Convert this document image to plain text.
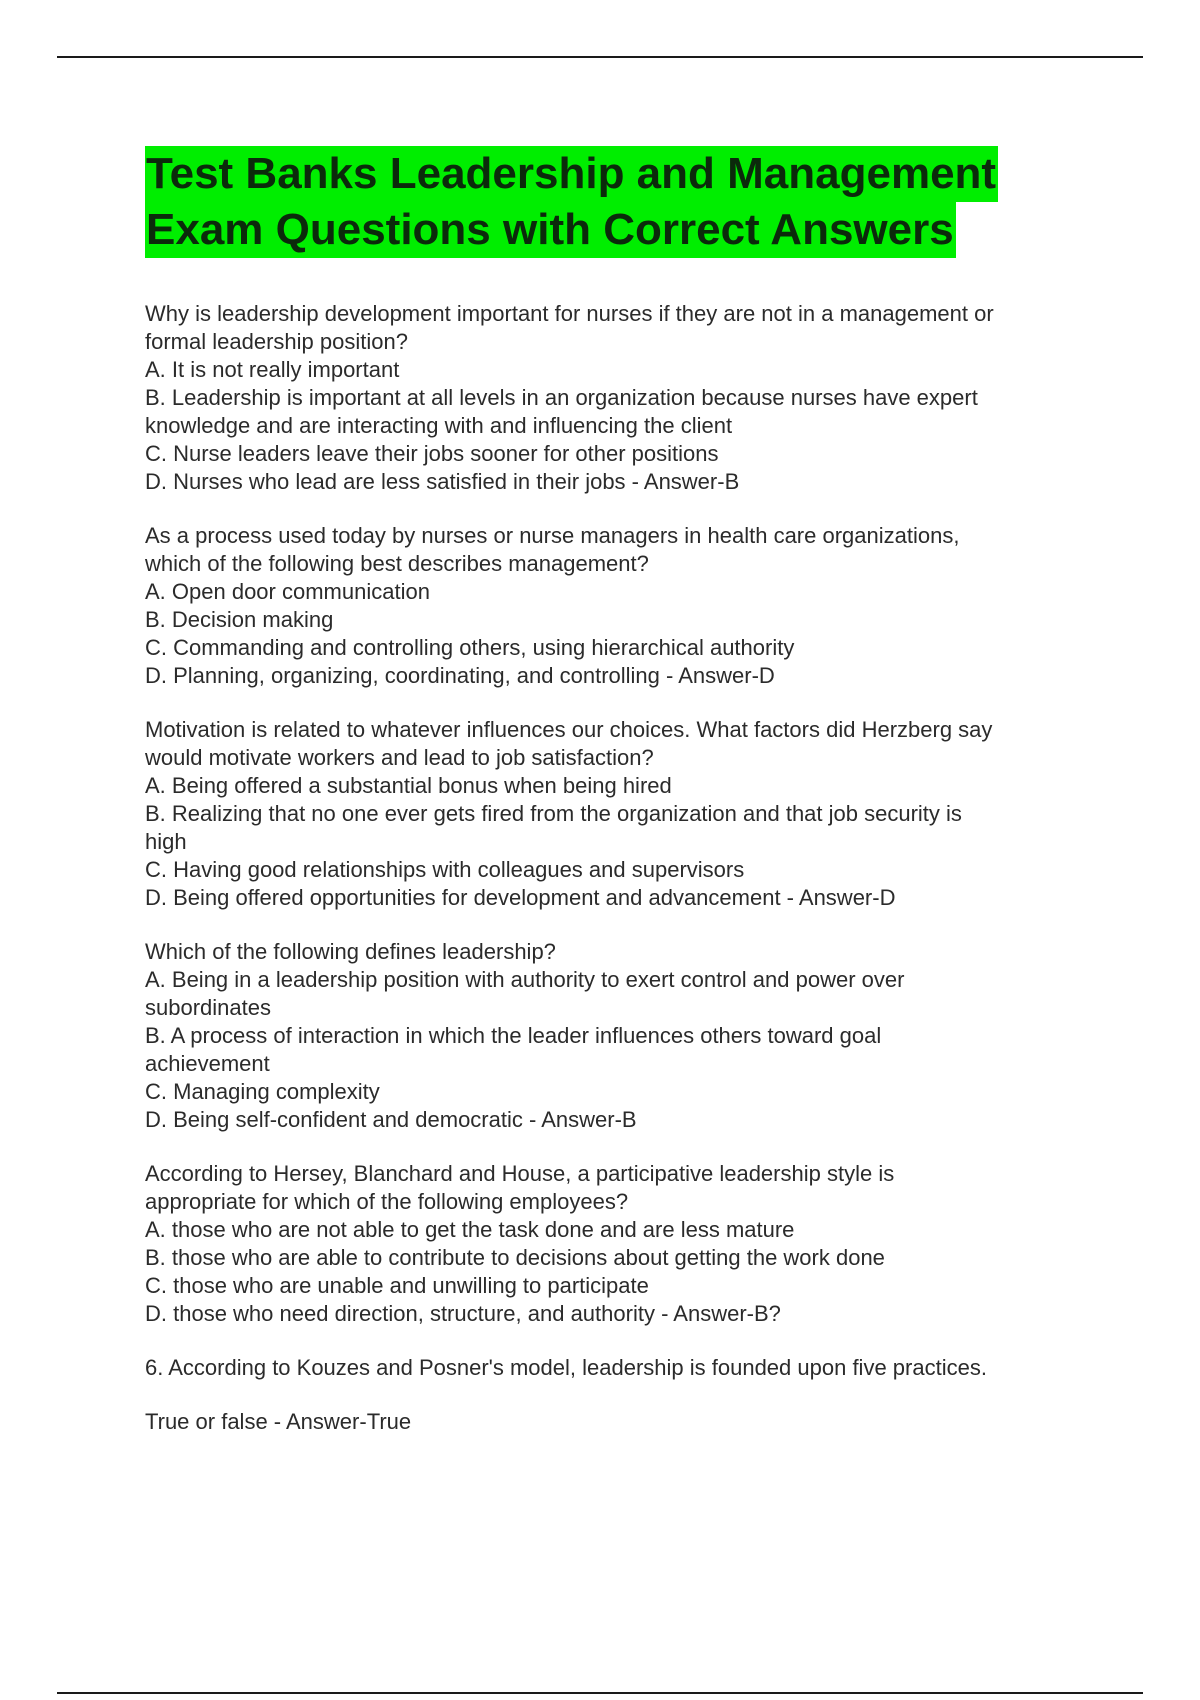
Test Banks Leadership and Management
Exam Questions with Correct Answers
Why is leadership development important for nurses if they are not in a management or
formal leadership position?
A. It is not really important
B. Leadership is important at all levels in an organization because nurses have expert
knowledge and are interacting with and influencing the client
C. Nurse leaders leave their jobs sooner for other positions
D. Nurses who lead are less satisfied in their jobs - Answer-B
As a process used today by nurses or nurse managers in health care organizations,
which of the following best describes management?
A. Open door communication
B. Decision making
C. Commanding and controlling others, using hierarchical authority
D. Planning, organizing, coordinating, and controlling - Answer-D
Motivation is related to whatever influences our choices. What factors did Herzberg say
would motivate workers and lead to job satisfaction?
A. Being offered a substantial bonus when being hired
B. Realizing that no one ever gets fired from the organization and that job security is
high
C. Having good relationships with colleagues and supervisors
D. Being offered opportunities for development and advancement - Answer-D
Which of the following defines leadership?
A. Being in a leadership position with authority to exert control and power over
subordinates
B. A process of interaction in which the leader influences others toward goal
achievement
C. Managing complexity
D. Being self-confident and democratic - Answer-B
According to Hersey, Blanchard and House, a participative leadership style is
appropriate for which of the following employees?
A. those who are not able to get the task done and are less mature
B. those who are able to contribute to decisions about getting the work done
C. those who are unable and unwilling to participate
D. those who need direction, structure, and authority - Answer-B?
6. According to Kouzes and Posner's model, leadership is founded upon five practices.
True or false - Answer-True
